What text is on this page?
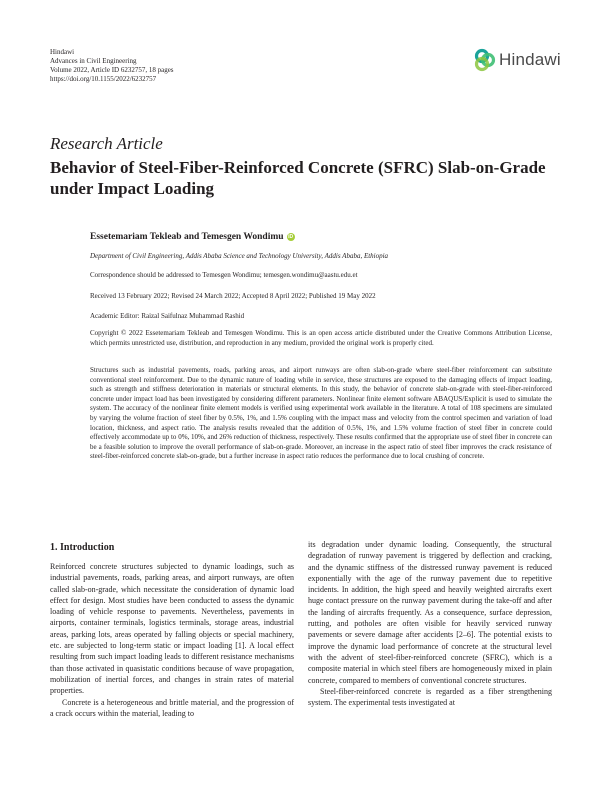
Hindawi
Advances in Civil Engineering
Volume 2022, Article ID 6232757, 18 pages
https://doi.org/10.1155/2022/6232757
Hindawi
Research Article
Behavior of Steel-Fiber-Reinforced Concrete (SFRC) Slab-on-Grade under Impact Loading
Essetemariam Tekleab and Temesgen Wondimu iD
Department of Civil Engineering, Addis Ababa Science and Technology University, Addis Ababa, Ethiopia
Correspondence should be addressed to Temesgen Wondimu; temesgen.wondimu@aastu.edu.et
Received 13 February 2022; Revised 24 March 2022; Accepted 8 April 2022; Published 19 May 2022
Academic Editor: Raizal Saifulnaz Muhammad Rashid
Copyright © 2022 Essetemariam Tekleab and Temesgen Wondimu. This is an open access article distributed under the Creative Commons Attribution License, which permits unrestricted use, distribution, and reproduction in any medium, provided the original work is properly cited.
Structures such as industrial pavements, roads, parking areas, and airport runways are often slab-on-grade where steel-fiber reinforcement can substitute conventional steel reinforcement. Due to the dynamic nature of loading while in service, these structures are exposed to the damaging effects of impact loading, such as strength and stiffness deterioration in materials or structural elements. In this study, the behavior of concrete slab-on-grade with steel-fiber-reinforced concrete under impact load has been investigated by considering different parameters. Nonlinear finite element software ABAQUS/Explicit is used to simulate the system. The accuracy of the nonlinear finite element models is verified using experimental work available in the literature. A total of 108 specimens are simulated by varying the volume fraction of steel fiber by 0.5%, 1%, and 1.5% coupling with the impact mass and velocity from the control specimen and variation of load location, thickness, and aspect ratio. The analysis results revealed that the addition of 0.5%, 1%, and 1.5% volume fraction of steel fiber in concrete could effectively accommodate up to 0%, 10%, and 26% reduction of thickness, respectively. These results confirmed that the appropriate use of steel fiber in concrete can be a feasible solution to improve the overall performance of slab-on-grade. Moreover, an increase in the aspect ratio of steel fiber improves the crack resistance of steel-fiber-reinforced concrete slab-on-grade, but a further increase in aspect ratio reduces the performance due to local crushing of concrete.
1. Introduction

Reinforced concrete structures subjected to dynamic loadings, such as industrial pavements, roads, parking areas, and airport runways, are often called slab-on-grade, which necessitate the consideration of dynamic load effect for design. Most studies have been conducted to assess the dynamic loading of vehicle response to pavements. Nevertheless, pavements in airports, container terminals, logistics terminals, storage areas, industrial areas, parking lots, areas operated by falling objects or special machinery, etc. are subjected to long-term static or impact loading [1]. A local effect resulting from such impact loading leads to different resistance mechanisms than those activated in quasistatic conditions because of wave propagation, mobilization of inertial forces, and changes in strain rates of material properties.

Concrete is a heterogeneous and brittle material, and the progression of a crack occurs within the material, leading to

its degradation under dynamic loading. Consequently, the structural degradation of runway pavement is triggered by deflection and cracking, and the dynamic stiffness of the distressed runway pavement is reduced exponentially with the age of the runway pavement due to repetitive incidents. In addition, the high speed and heavily weighted aircrafts exert huge contact pressure on the runway pavement during the take-off and after the landing of aircrafts frequently. As a consequence, surface depression, rutting, and potholes are often visible for heavily serviced runway pavements or severe damage after accidents [2–6]. The potential exists to improve the dynamic load performance of concrete at the structural level with the advent of steel-fiber-reinforced concrete (SFRC), which is a composite material in which steel fibers are homogeneously mixed in plain concrete, compared to members of conventional concrete structures.

Steel-fiber-reinforced concrete is regarded as a fiber strengthening system. The experimental tests investigated at
